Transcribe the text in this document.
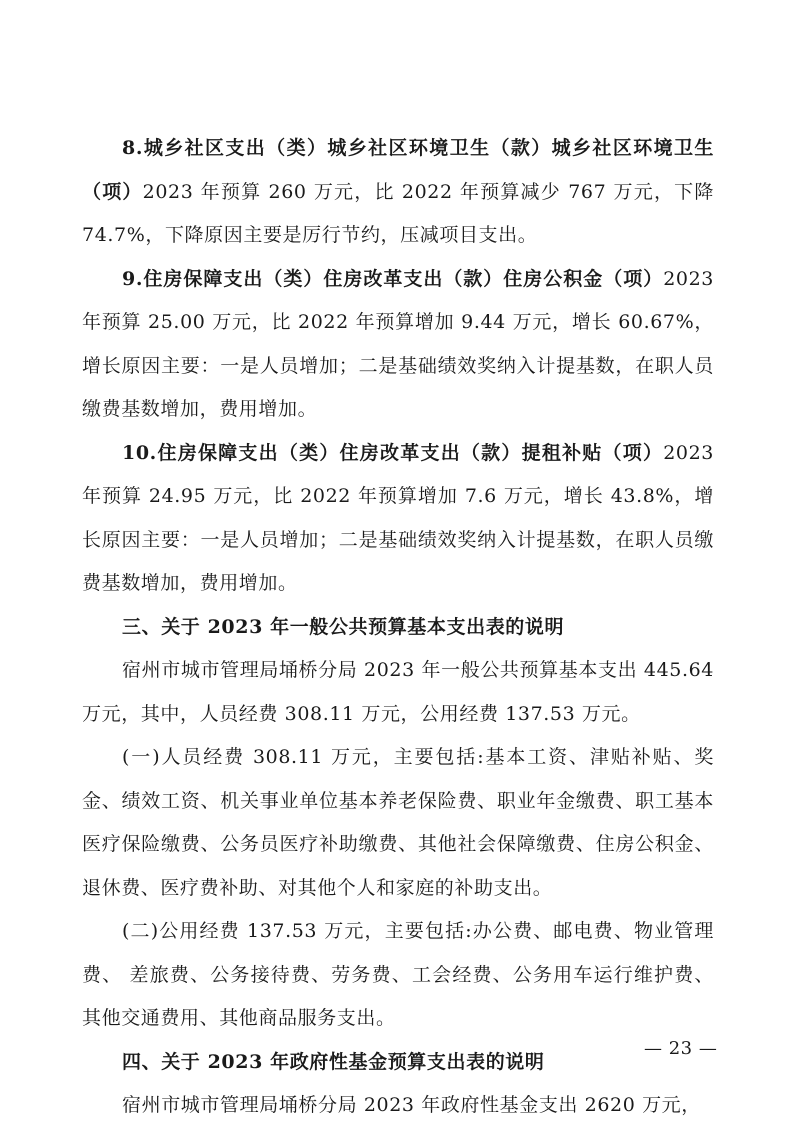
8.城乡社区支出（类）城乡社区环境卫生（款）城乡社区环境卫生（项）2023 年预算 260 万元，比 2022 年预算减少 767 万元，下降 74.7%，下降原因主要是厉行节约，压减项目支出。

9.住房保障支出（类）住房改革支出（款）住房公积金（项）2023 年预算 25.00 万元，比 2022 年预算增加 9.44 万元，增长 60.67%，增长原因主要：一是人员增加；二是基础绩效奖纳入计提基数，在职人员缴费基数增加，费用增加。

10.住房保障支出（类）住房改革支出（款）提租补贴（项）2023 年预算 24.95 万元，比 2022 年预算增加 7.6 万元，增长 43.8%，增长原因主要：一是人员增加；二是基础绩效奖纳入计提基数，在职人员缴费基数增加，费用增加。

三、关于 2023 年一般公共预算基本支出表的说明

宿州市城市管理局埇桥分局 2023 年一般公共预算基本支出 445.64 万元，其中，人员经费 308.11 万元，公用经费 137.53 万元。

(一)人员经费 308.11 万元，主要包括:基本工资、津贴补贴、奖金、绩效工资、机关事业单位基本养老保险费、职业年金缴费、职工基本医疗保险缴费、公务员医疗补助缴费、其他社会保障缴费、住房公积金、退休费、医疗费补助、对其他个人和家庭的补助支出。

(二)公用经费 137.53 万元，主要包括:办公费、邮电费、物业管理费、 差旅费、公务接待费、劳务费、工会经费、公务用车运行维护费、其他交通费用、其他商品服务支出。

四、关于 2023 年政府性基金预算支出表的说明

宿州市城市管理局埇桥分局 2023 年政府性基金支出 2620 万元，

— 23 —
